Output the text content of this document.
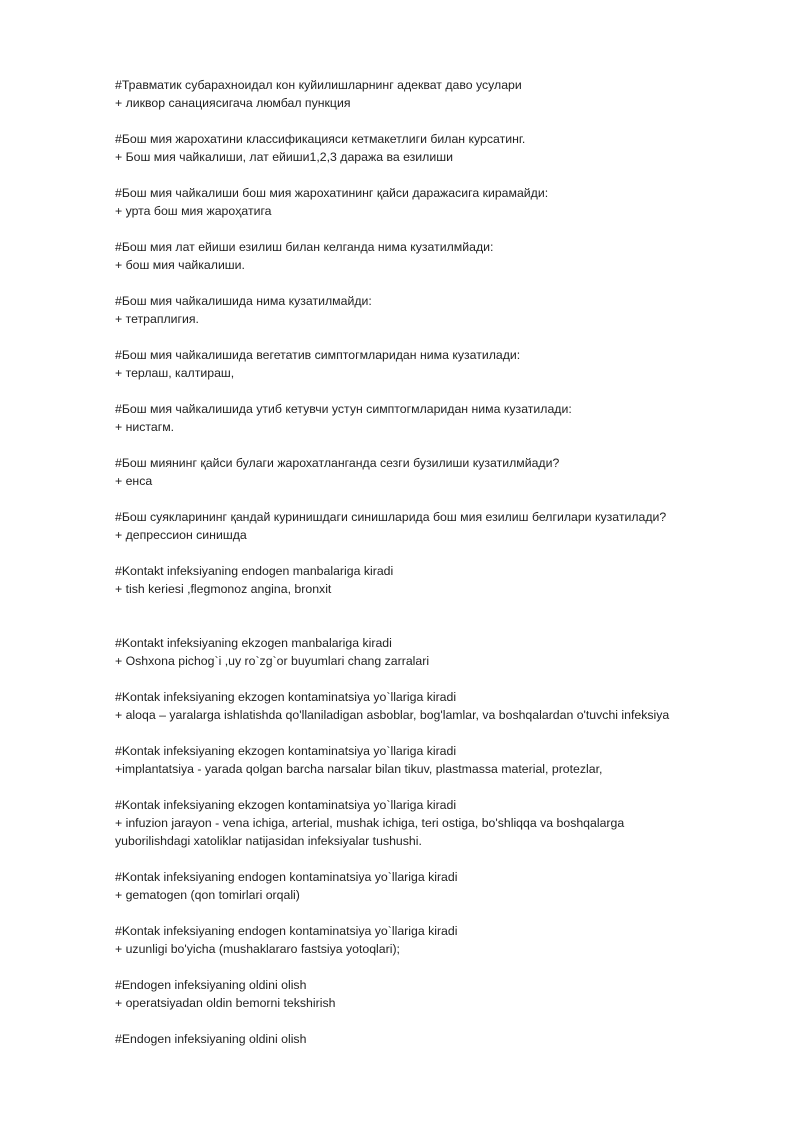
#Травматик субарахноидал кон куйилишларнинг адекват даво усулари
+ ликвор санациясигача люмбал пункция
#Бош мия жарохатини классификацияси кетмакетлиги билан курсатинг.
+ Бош мия чайкалиши, лат ейиши1,2,3 даража ва езилиши
#Бош мия чайкалиши бош мия жарохатининг қайси даражасига кирамайди:
+ урта бош мия жароҳатига
#Бош мия лат ейиши езилиш билан келганда нима кузатилмйади:
+ бош мия чайкалиши.
#Бош мия чайкалишида нима кузатилмайди:
+ тетраплигия.
#Бош мия чайкалишида вегетатив симптогмларидан нима кузатилади:
+ терлаш, калтираш,
#Бош мия чайкалишида утиб кетувчи устун симптогмларидан нима кузатилади:
+ нистагм.
#Бош миянинг қайси булаги жарохатланганда сезги бузилиши кузатилмйади?
+ енса
#Бош суякларининг қандай куринишдаги синишларида бош мия езилиш белгилари кузатилади?
+ депрессион синишда
#Kontakt infeksiyaning endogen manbalariga kiradi
+ tish keriesi ,flegmonoz angina, bronxit
#Kontakt infeksiyaning ekzogen manbalariga kiradi
+ Oshxona pichog`i ,uy ro`zg`or buyumlari chang zarralari
#Kontak infeksiyaning ekzogen kontaminatsiya yo`llariga kiradi
+ aloqa – yaralarga ishlatishda qo'llaniladigan asboblar, bog'lamlar, va boshqalardan o'tuvchi infeksiya
#Kontak infeksiyaning ekzogen kontaminatsiya yo`llariga kiradi
+implantatsiya - yarada qolgan barcha narsalar bilan tikuv, plastmassa material, protezlar,
#Kontak infeksiyaning ekzogen kontaminatsiya yo`llariga kiradi
+ infuzion jarayon - vena ichiga, arterial, mushak ichiga, teri ostiga, bo'shliqqa va boshqalarga
yuborilishdagi xatoliklar natijasidan infeksiyalar tushushi.
#Kontak infeksiyaning endogen kontaminatsiya yo`llariga kiradi
+ gematogen (qon tomirlari orqali)
#Kontak infeksiyaning endogen kontaminatsiya yo`llariga kiradi
+ uzunligi bo'yicha (mushaklararo fastsiya yotoqlari);
#Endogen infeksiyaning oldini olish
+ operatsiyadan oldin bemorni tekshirish
#Endogen infeksiyaning oldini olish
